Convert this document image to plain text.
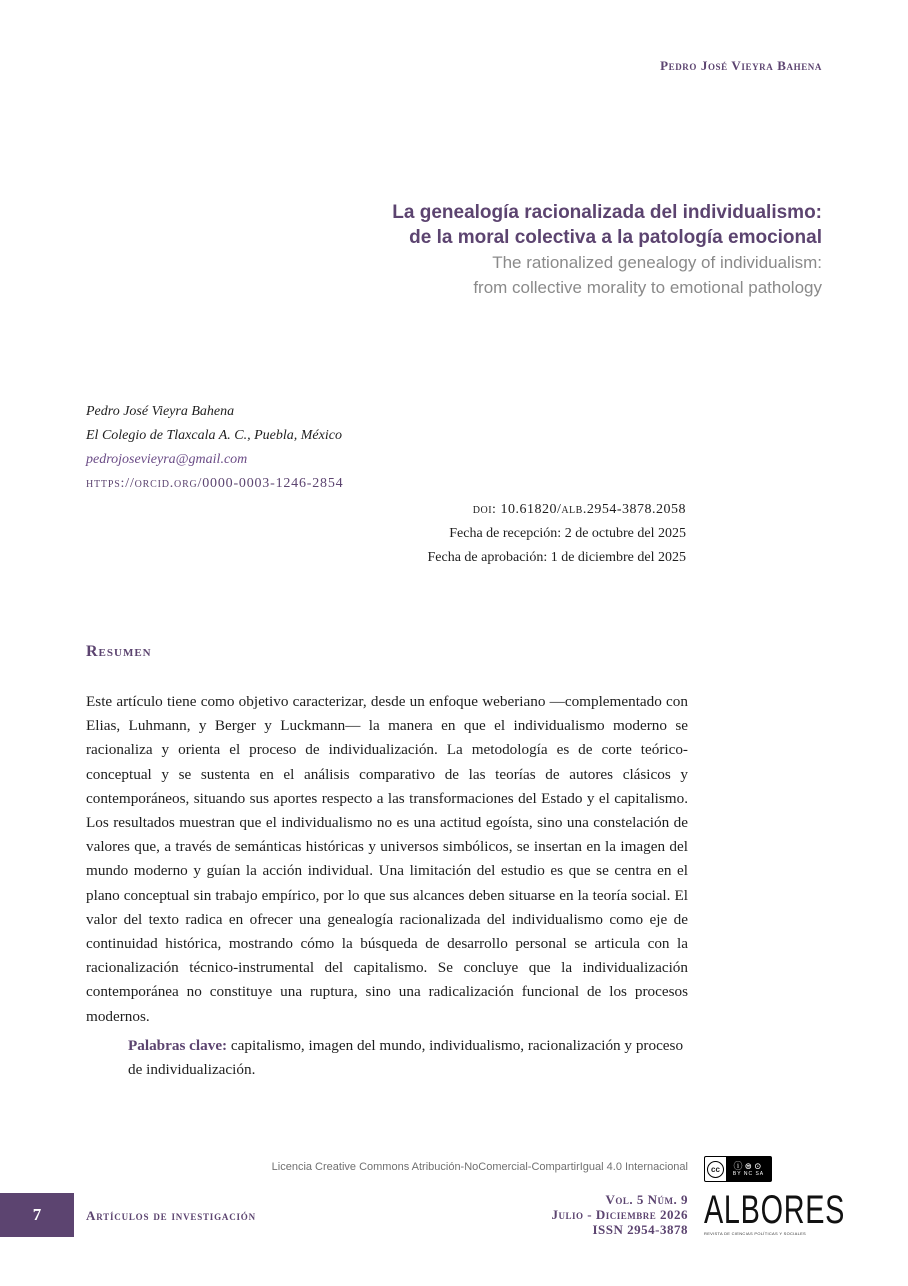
Pedro José Vieyra Bahena
La genealogía racionalizada del individualismo:
de la moral colectiva a la patología emocional
The rationalized genealogy of individualism:
from collective morality to emotional pathology
Pedro José Vieyra Bahena
El Colegio de Tlaxcala A. C., Puebla, México
pedrojosevieyra@gmail.com
https://orcid.org/0000-0003-1246-2854
doi: 10.61820/alb.2954-3878.2058
Fecha de recepción: 2 de octubre del 2025
Fecha de aprobación: 1 de diciembre del 2025
Resumen
Este artículo tiene como objetivo caracterizar, desde un enfoque weberiano —complementado con Elias, Luhmann, y Berger y Luckmann— la manera en que el individualismo moderno se racionaliza y orienta el proceso de individualización. La metodología es de corte teórico-conceptual y se sustenta en el análisis comparativo de las teorías de autores clásicos y contemporáneos, situando sus aportes respecto a las transformaciones del Estado y el capitalismo. Los resultados muestran que el individualismo no es una actitud egoísta, sino una constelación de valores que, a través de semánticas históricas y universos simbólicos, se insertan en la imagen del mundo moderno y guían la acción individual. Una limitación del estudio es que se centra en el plano conceptual sin trabajo empírico, por lo que sus alcances deben situarse en la teoría social. El valor del texto radica en ofrecer una genealogía racionalizada del individualismo como eje de continuidad histórica, mostrando cómo la búsqueda de desarrollo personal se articula con la racionalización técnico-instrumental del capitalismo. Se concluye que la individualización contemporánea no constituye una ruptura, sino una radicalización funcional de los procesos modernos.
Palabras clave: capitalismo, imagen del mundo, individualismo, racionalización y proceso de individualización.
Licencia Creative Commons Atribución-NoComercial-CompartirIgual 4.0 Internacional	cc	ⓘ⊜⊙
BY NC SA
7	Artículos de investigación
Vol. 5 Núm. 9
Julio - Diciembre 2026
ISSN 2954-3878 ALBORES
REVISTA DE CIENCIAS POLÍTICAS Y SOCIALES
